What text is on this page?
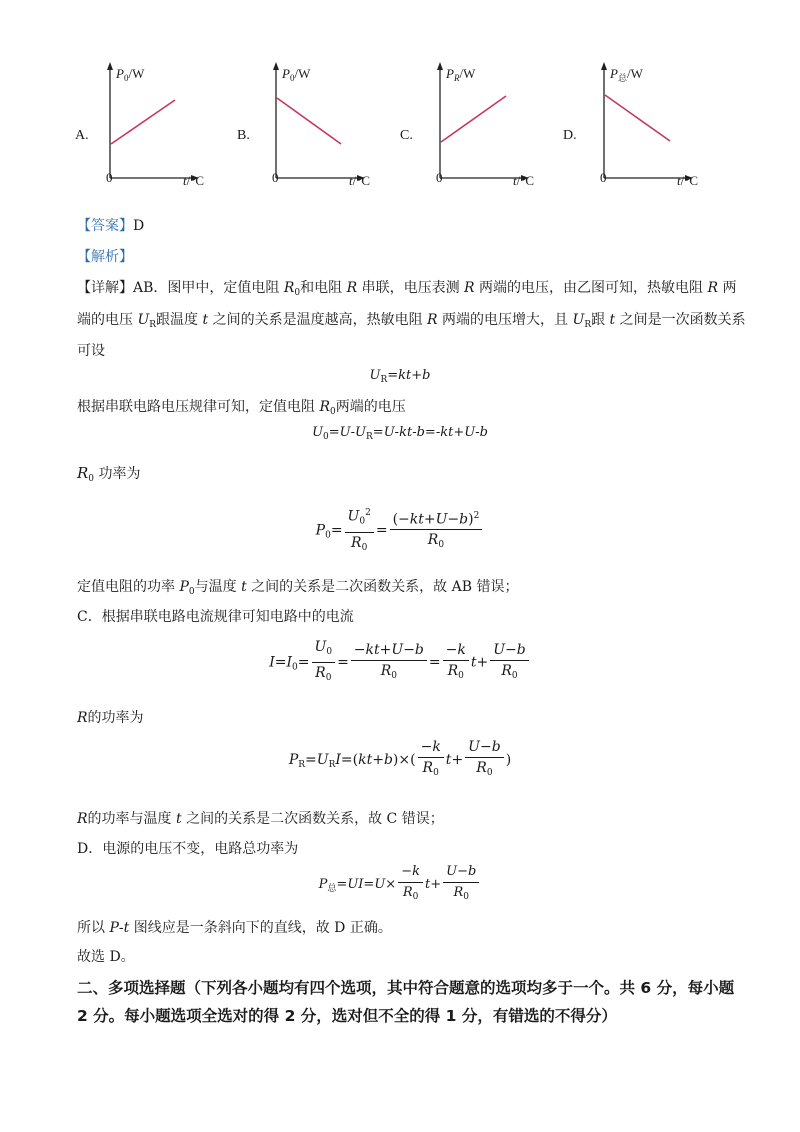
A.
$P_0/W$
0	t/°C
B.
$P_0/W$
0	t/°C
C.
$P_R/W$
0	t/°C
D.
$P_总/W$
0	t/°C
【答案】D
【解析】
【详解】AB．图甲中，定值电阻 $R_0$和电阻 R 串联，电压表测 R 两端的电压，由乙图可知，热敏电阻 R 两
端的电压 $U_R$跟温度 t 之间的关系是温度越高，热敏电阻 R 两端的电压增大，且 $U_R$跟 t 之间是一次函数关系
可设
$U_R=kt+b$
根据串联电路电压规律可知，定值电阻 $R_0$两端的电压
$U_0=U-U_R=U-kt-b=-kt+U-b$
$R_0$ 功率为
$P_0= \frac{U_0^2}{R_0} = \frac{(-kt+U-b)^2}{R_0}$
定值电阻的功率 $P_0$与温度 t 之间的关系是二次函数关系，故 AB 错误；
C．根据串联电路电流规律可知电路中的电流
$I=I_0= \frac{U_0}{R_0} = \frac{-kt+U-b}{R_0} = \frac{-k}{R_0} t+ \frac{U-b}{R_0}$
R的功率为
$P_R=U_RI=(kt+b)\times( \frac{-k}{R_0} t+ \frac{U-b}{R_0}$ )
R的功率与温度 t 之间的关系是二次函数关系，故 C 错误；
D．电源的电压不变，电路总功率为
$P_总=UI=U\times \frac{-k}{R_0} t+ \frac{U-b}{R_0}$
所以 P-t 图线应是一条斜向下的直线，故 D 正确。
故选 D。
二、多项选择题（下列各小题均有四个选项，其中符合题意的选项均多于一个。共 6 分，每小题 2 分。每小题选项全选对的得 2 分，选对但不全的得 1 分，有错选的不得分）
